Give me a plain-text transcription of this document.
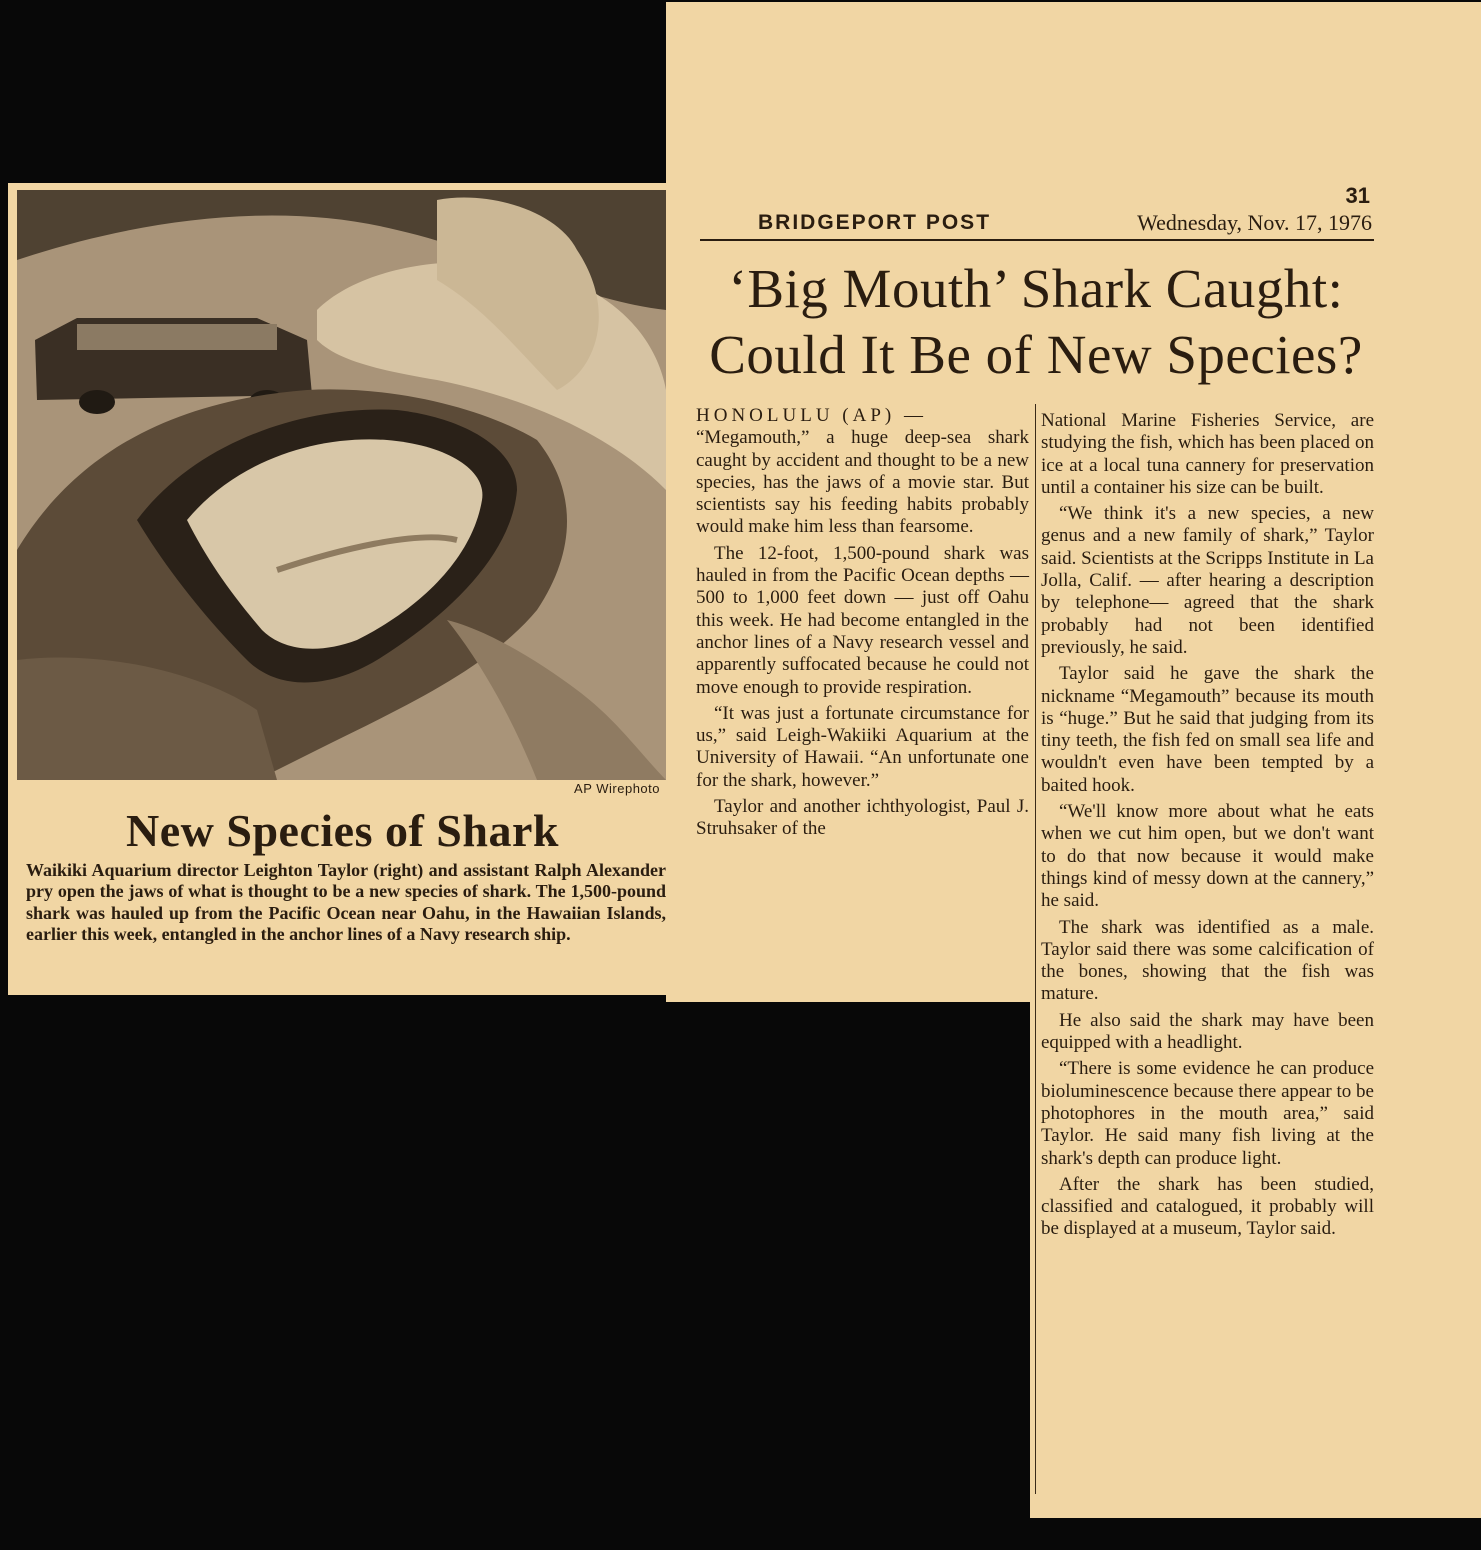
AP Wirephoto
New Species of Shark
Waikiki Aquarium director Leighton Taylor (right) and assistant Ralph Alexander pry open the jaws of what is thought to be a new species of shark. The 1,500-pound shark was hauled up from the Pacific Ocean near Oahu, in the Hawaiian Islands, earlier this week, entangled in the anchor lines of a Navy research ship.
31
BRIDGEPORT POST	Wednesday, Nov. 17, 1976
‘Big Mouth’ Shark Caught:
Could It Be of New Species?
HONOLULU (AP) —

“Megamouth,” a huge deep-sea shark caught by accident and thought to be a new species, has the jaws of a movie star. But scientists say his feeding habits probably would make him less than fearsome.

The 12-foot, 1,500-pound shark was hauled in from the Pacific Ocean depths — 500 to 1,000 feet down — just off Oahu this week. He had become entangled in the anchor lines of a Navy research vessel and apparently suffocated because he could not move enough to provide respiration.

“It was just a fortunate circumstance for us,” said Leigh-Wakiiki Aquarium at the University of Hawaii. “An unfortunate one for the shark, however.”

Taylor and another ichthyologist, Paul J. Struhsaker of the

National Marine Fisheries Service, are studying the fish, which has been placed on ice at a local tuna cannery for preservation until a container his size can be built.

“We think it's a new species, a new genus and a new family of shark,” Taylor said. Scientists at the Scripps Institute in La Jolla, Calif. — after hearing a description by telephone— agreed that the shark probably had not been identified previously, he said.

Taylor said he gave the shark the nickname “Megamouth” because its mouth is “huge.” But he said that judging from its tiny teeth, the fish fed on small sea life and wouldn't even have been tempted by a baited hook.

“We'll know more about what he eats when we cut him open, but we don't want to do that now because it would make things kind of messy down at the cannery,” he said.

The shark was identified as a male. Taylor said there was some calcification of the bones, showing that the fish was mature.

He also said the shark may have been equipped with a headlight.

“There is some evidence he can produce bioluminescence because there appear to be photophores in the mouth area,” said Taylor. He said many fish living at the shark's depth can produce light.

After the shark has been studied, classified and catalogued, it probably will be displayed at a museum, Taylor said.
